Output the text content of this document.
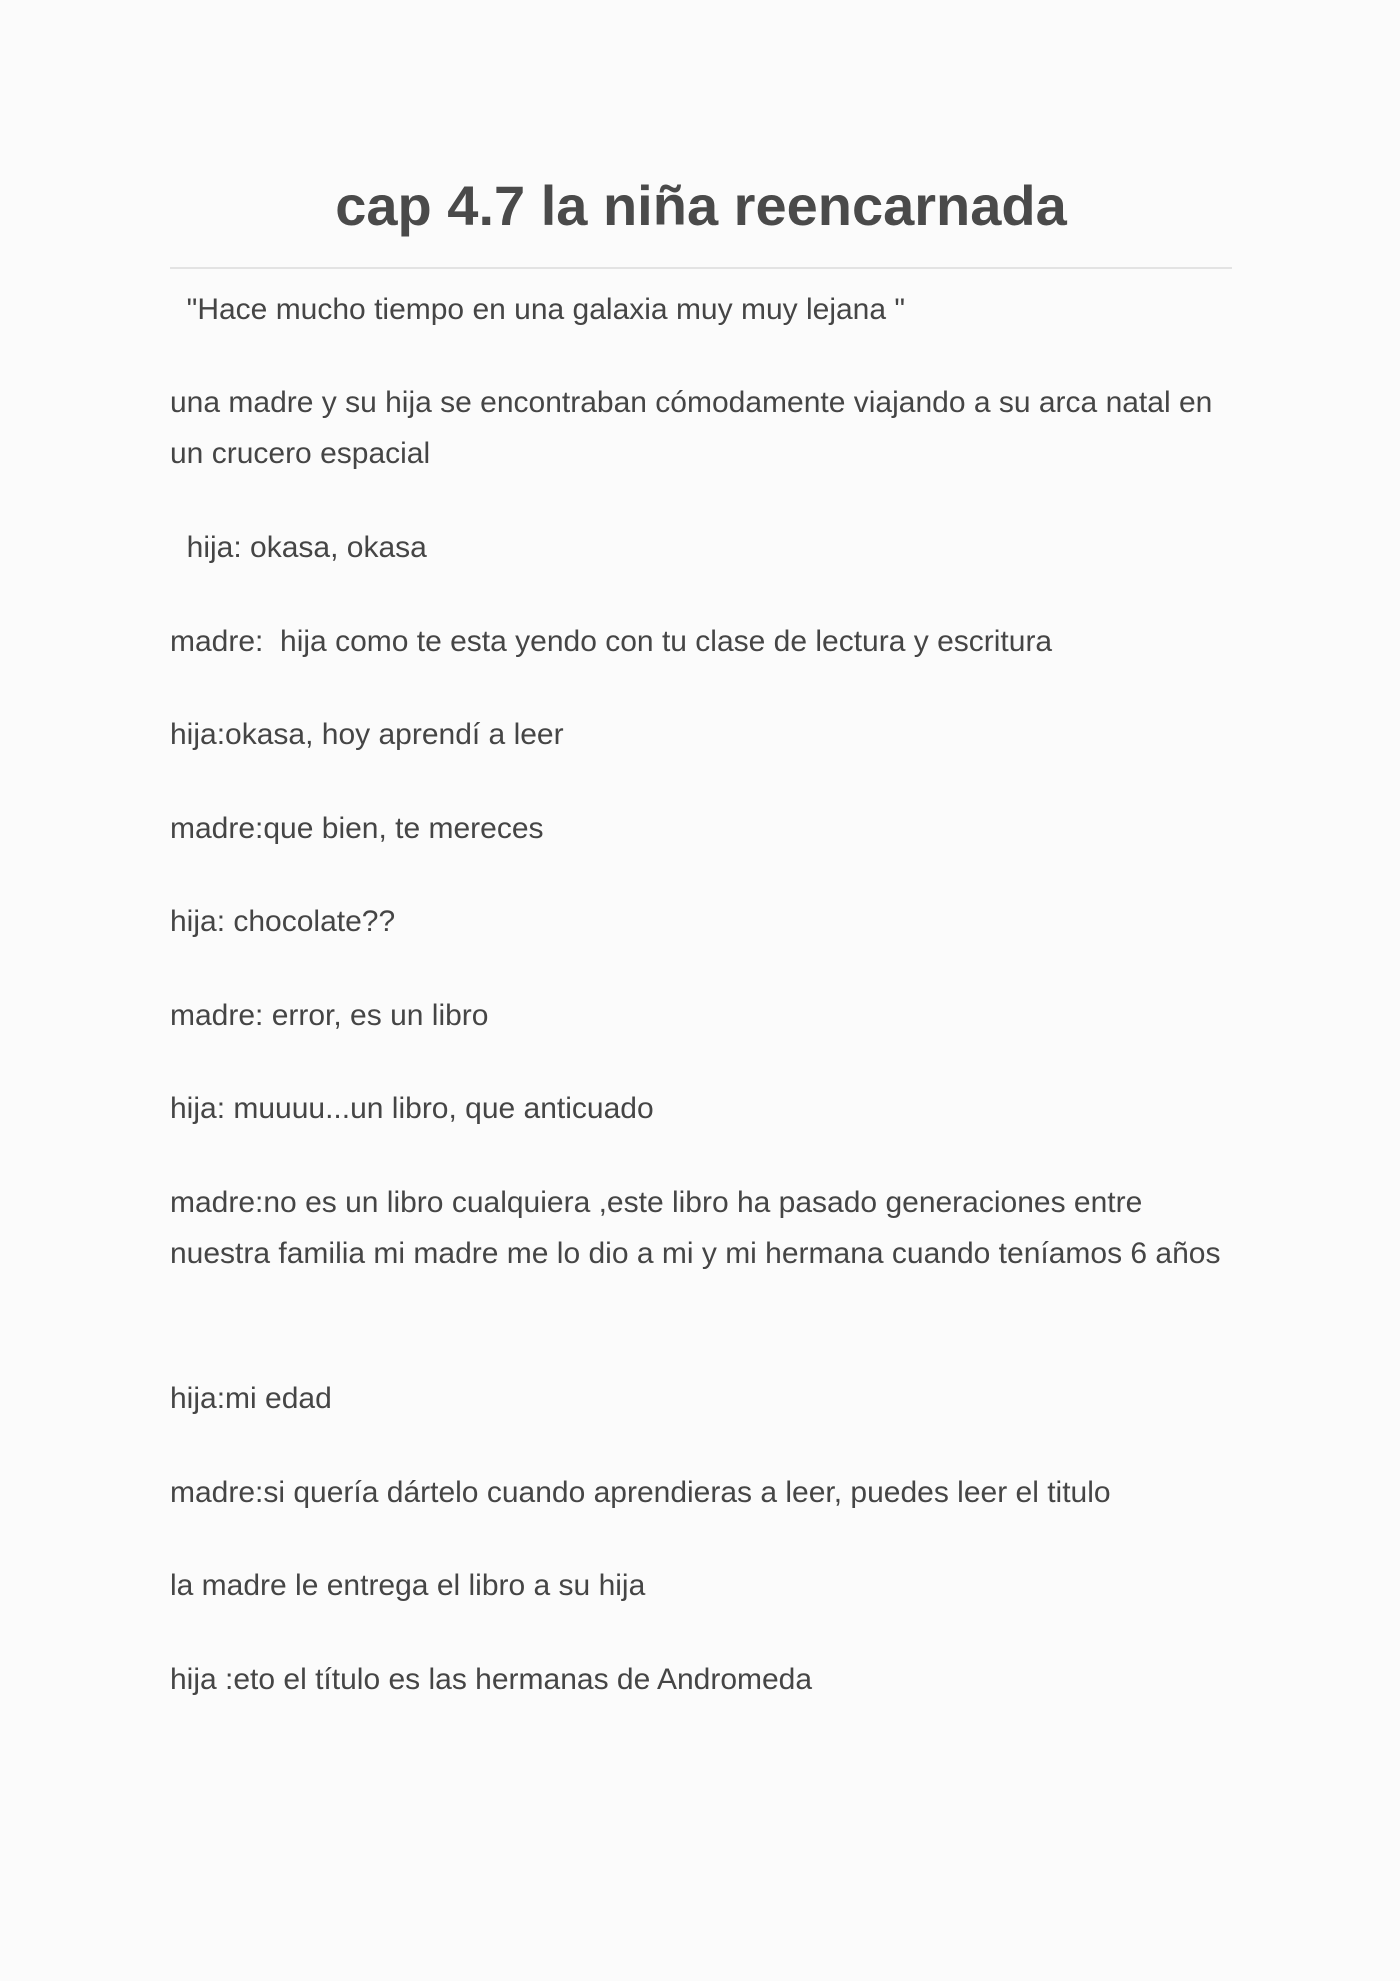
cap 4.7 la niña reencarnada

"Hace mucho tiempo en una galaxia muy muy lejana "

una madre y su hija se encontraban cómodamente viajando a su arca natal en  un crucero espacial

hija: okasa, okasa

madre:  hija como te esta yendo con tu clase de lectura y escritura

hija:okasa, hoy aprendí a leer

madre:que bien, te mereces

hija: chocolate??

madre: error, es un libro

hija: muuuu...un libro, que anticuado

madre:no es un libro cualquiera ,este libro ha pasado generaciones entre nuestra familia mi madre me lo dio a mi y mi hermana cuando teníamos 6 años

hija:mi edad

madre:si quería dártelo cuando aprendieras a leer, puedes leer el titulo

la madre le entrega el libro a su hija

hija :eto el título es las hermanas de Andromeda
